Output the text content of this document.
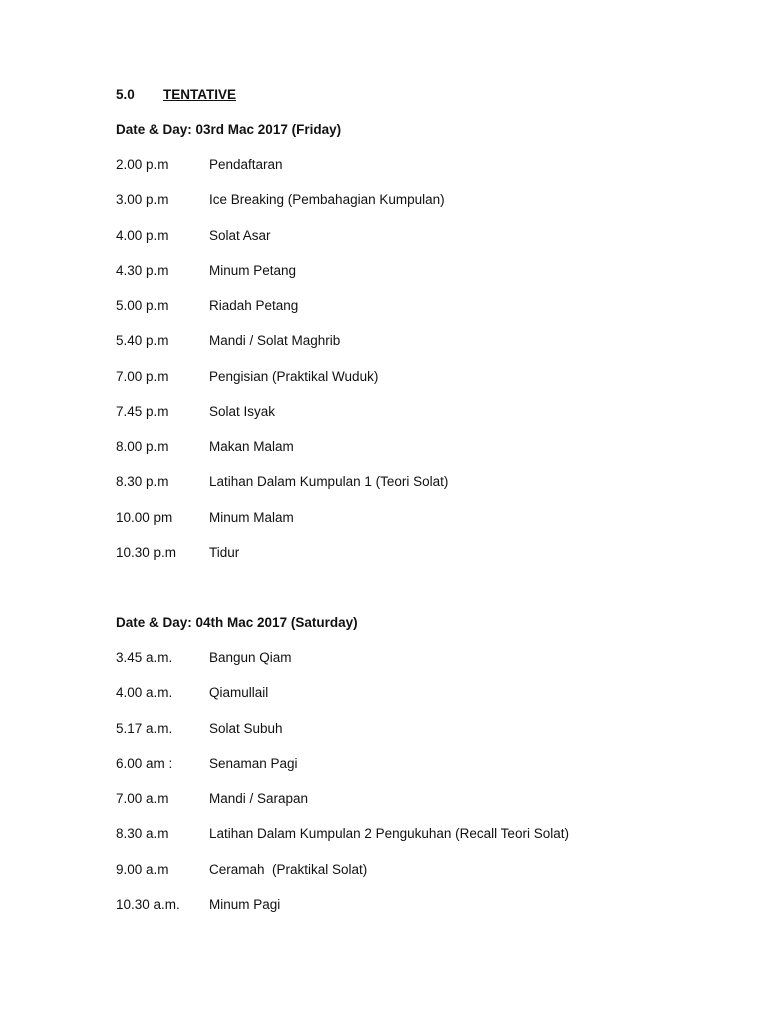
5.0 TENTATIVE
Date & Day: 03rd Mac 2017 (Friday)
2.00 p.m	Pendaftaran
3.00 p.m	Ice Breaking (Pembahagian Kumpulan)
4.00 p.m	Solat Asar
4.30 p.m	Minum Petang
5.00 p.m	Riadah Petang
5.40 p.m	Mandi / Solat Maghrib
7.00 p.m	Pengisian (Praktikal Wuduk)
7.45 p.m	Solat Isyak
8.00 p.m	Makan Malam
8.30 p.m	Latihan Dalam Kumpulan 1 (Teori Solat)
10.00 pm	Minum Malam
10.30 p.m	Tidur
Date & Day: 04th Mac 2017 (Saturday)
3.45 a.m.	Bangun Qiam
4.00 a.m.	Qiamullail
5.17 a.m.	Solat Subuh
6.00 am :	Senaman Pagi
7.00 a.m	Mandi / Sarapan
8.30 a.m	Latihan Dalam Kumpulan 2 Pengukuhan (Recall Teori Solat)
9.00 a.m	Ceramah  (Praktikal Solat)
10.30 a.m.	Minum Pagi
